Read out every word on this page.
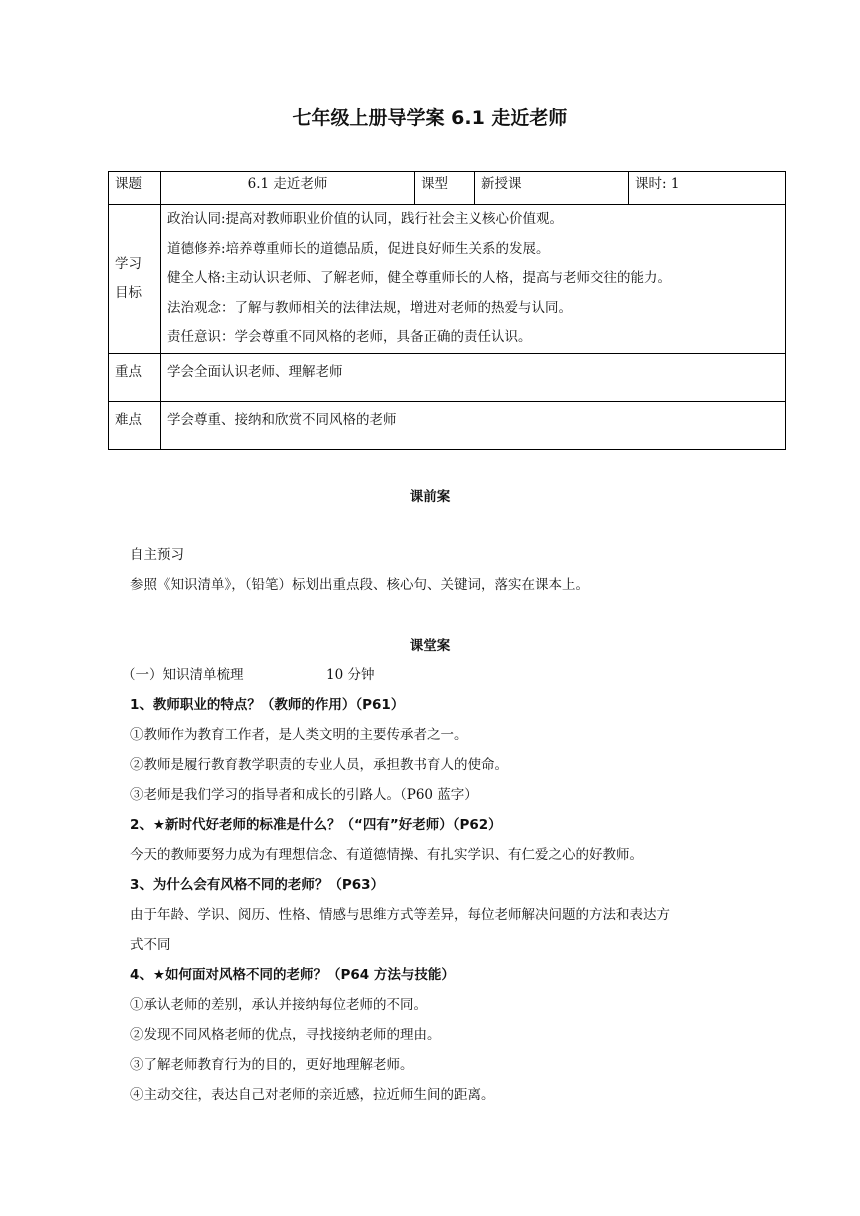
七年级上册导学案 6.1 走近老师
课题	6.1 走近老师	课型	新授课	课时: 1

学习目标	政治认同:提高对教师职业价值的认同，践行社会主义核心价值观。
道德修养:培养尊重师长的道德品质，促进良好师生关系的发展。
健全人格:主动认识老师、了解老师，健全尊重师长的人格，提高与老师交往的能力。
法治观念：了解与教师相关的法律法规，增进对老师的热爱与认同。
责任意识：学会尊重不同风格的老师，具备正确的责任认识。			

重点	学会全面认识老师、理解老师			
难点	学会尊重、接纳和欣赏不同风格的老师			
课前案
自主预习
参照《知识清单》，（铅笔）标划出重点段、核心句、关键词，落实在课本上。
课堂案
（一）知识清单梳理	10 分钟
1、教师职业的特点？（教师的作用）（P61）
①教师作为教育工作者，是人类文明的主要传承者之一。
②教师是履行教育教学职责的专业人员，承担教书育人的使命。
③老师是我们学习的指导者和成长的引路人。（P60 蓝字）
2、★新时代好老师的标准是什么？（“四有”好老师）（P62）
今天的教师要努力成为有理想信念、有道德情操、有扎实学识、有仁爱之心的好教师。
3、为什么会有风格不同的老师？（P63）
由于年龄、学识、阅历、性格、情感与思维方式等差异，每位老师解决问题的方法和表达方
式不同
4、★如何面对风格不同的老师？（P64 方法与技能）
①承认老师的差别，承认并接纳每位老师的不同。
②发现不同风格老师的优点，寻找接纳老师的理由。
③了解老师教育行为的目的，更好地理解老师。
④主动交往，表达自己对老师的亲近感，拉近师生间的距离。
